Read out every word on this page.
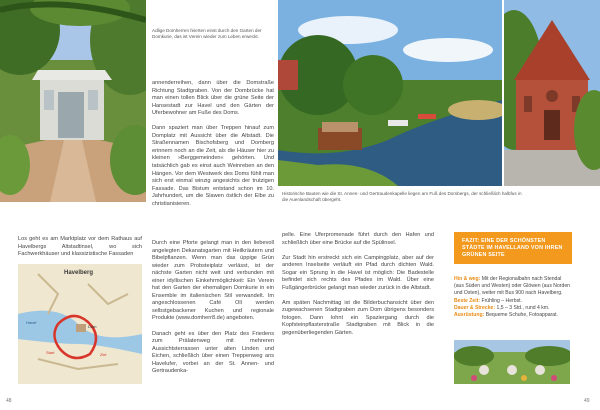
Havelberg
Dom
Havel
Start	Ziel
Adlige Domherren feierten einst durch den Garten der Domkurie, das ist Verein wieder zum Leben erweckt.
Historische Bauten wie die St. Annen- und Gertraudenkapelle liegen am Fuß des Dombergs, der schließlich halbfus in die Auenlandschaft übergeht.

Los geht es am Marktplatz vor dem Rathaus auf Havelbergs Altstadtinsel, wo sich Fachwerkhäuser und klassizistische Fassaden

annenderreihen, dann über die Domstraße Richtung Stadtgraben. Von der Dombrücke hat man einen tollen Blick über die grüne Seite der Hansestadt zur Havel und den Gärten der Uferbewohner am Fuße des Doms.

Dann spaziert man über Treppen hinauf zum Domplatz mit Aussicht über die Altstadt. Die Straßennamen Bischofsberg und Domberg erinnern noch an die Zeit, als die Häuser hier zu kleinen »Berggemeinden« gehörten. Und tatsächlich gab es einst auch Weinreben an den Hängen. Vor dem Westwerk des Doms fühlt man sich erst einmal winzig angesichts der trutzigen Fassade. Das Bistum entstand schon im 10. Jahrhundert, um die Slawen östlich der Elbe zu christianisieren.

Durch eine Pforte gelangt man in den liebevoll angelegten Dekanatsgarten mit Heilkräutern und Bibelpflanzen. Wenn man das üppige Grün wieder zum Probsteiplatz verlässt, ist der nächste Garten nicht weit und verbunden mit einer idyllischen Einkehrmöglichkeit: Ein Verein hat den Garten der ehemaligen Domkurie in ein Ensemble im italienischen Stil verwandelt. Im angeschlossenen Café Oll werden selbstgebackener Kuchen und regionale Produkte (www.domherr8.de) angeboten.

Danach geht es über den Platz des Friedens zum Prälatenweg mit mehreren Aussichtsterrassen unter alten Linden und Eichen, schließlich über einen Treppenweg ans Havelufer, vorbei an der St. Annen- und Gertraudenka-

pelle. Eine Uferpromenade führt durch den Hafen und schließlich über eine Brücke auf die Spülinsel.

Zur Stadt hin erstreckt sich ein Campingplatz, aber auf der anderen Inselseite verläuft ein Pfad durch dichten Wald. Sogar ein Sprung in die Havel ist möglich: Die Badestelle befindet sich rechts des Pfades im Wald. Über eine Fußgängerbrücke gelangt man wieder zurück in die Altstadt.

Am späten Nachmittag ist die Bilderbuchansicht über den zugewachsenen Stadtgraben zum Dom übrigens besonders fotogen. Dann lohnt ein Spaziergang durch die Kopfsteinpflasterstraße Stadtgraben mit Blick in die gegenüberliegenden Gärten.

FAZIT: EINE DER SCHÖNSTEN STÄDTE IM HAVELLAND VON IHREN GRÜNEN SEITE

Hin & weg: Mit der Regionalbahn nach Stendal (aus Süden und Westen) oder Glöwen (aus Norden und Osten), weiter mit Bus 900 nach Havelberg.

Beste Zeit: Frühling – Herbst.

Dauer & Strecke: 1,5 – 3 Std., rund 4 km.

Ausrüstung: Bequeme Schuhe, Fotoapparat.

48	49
